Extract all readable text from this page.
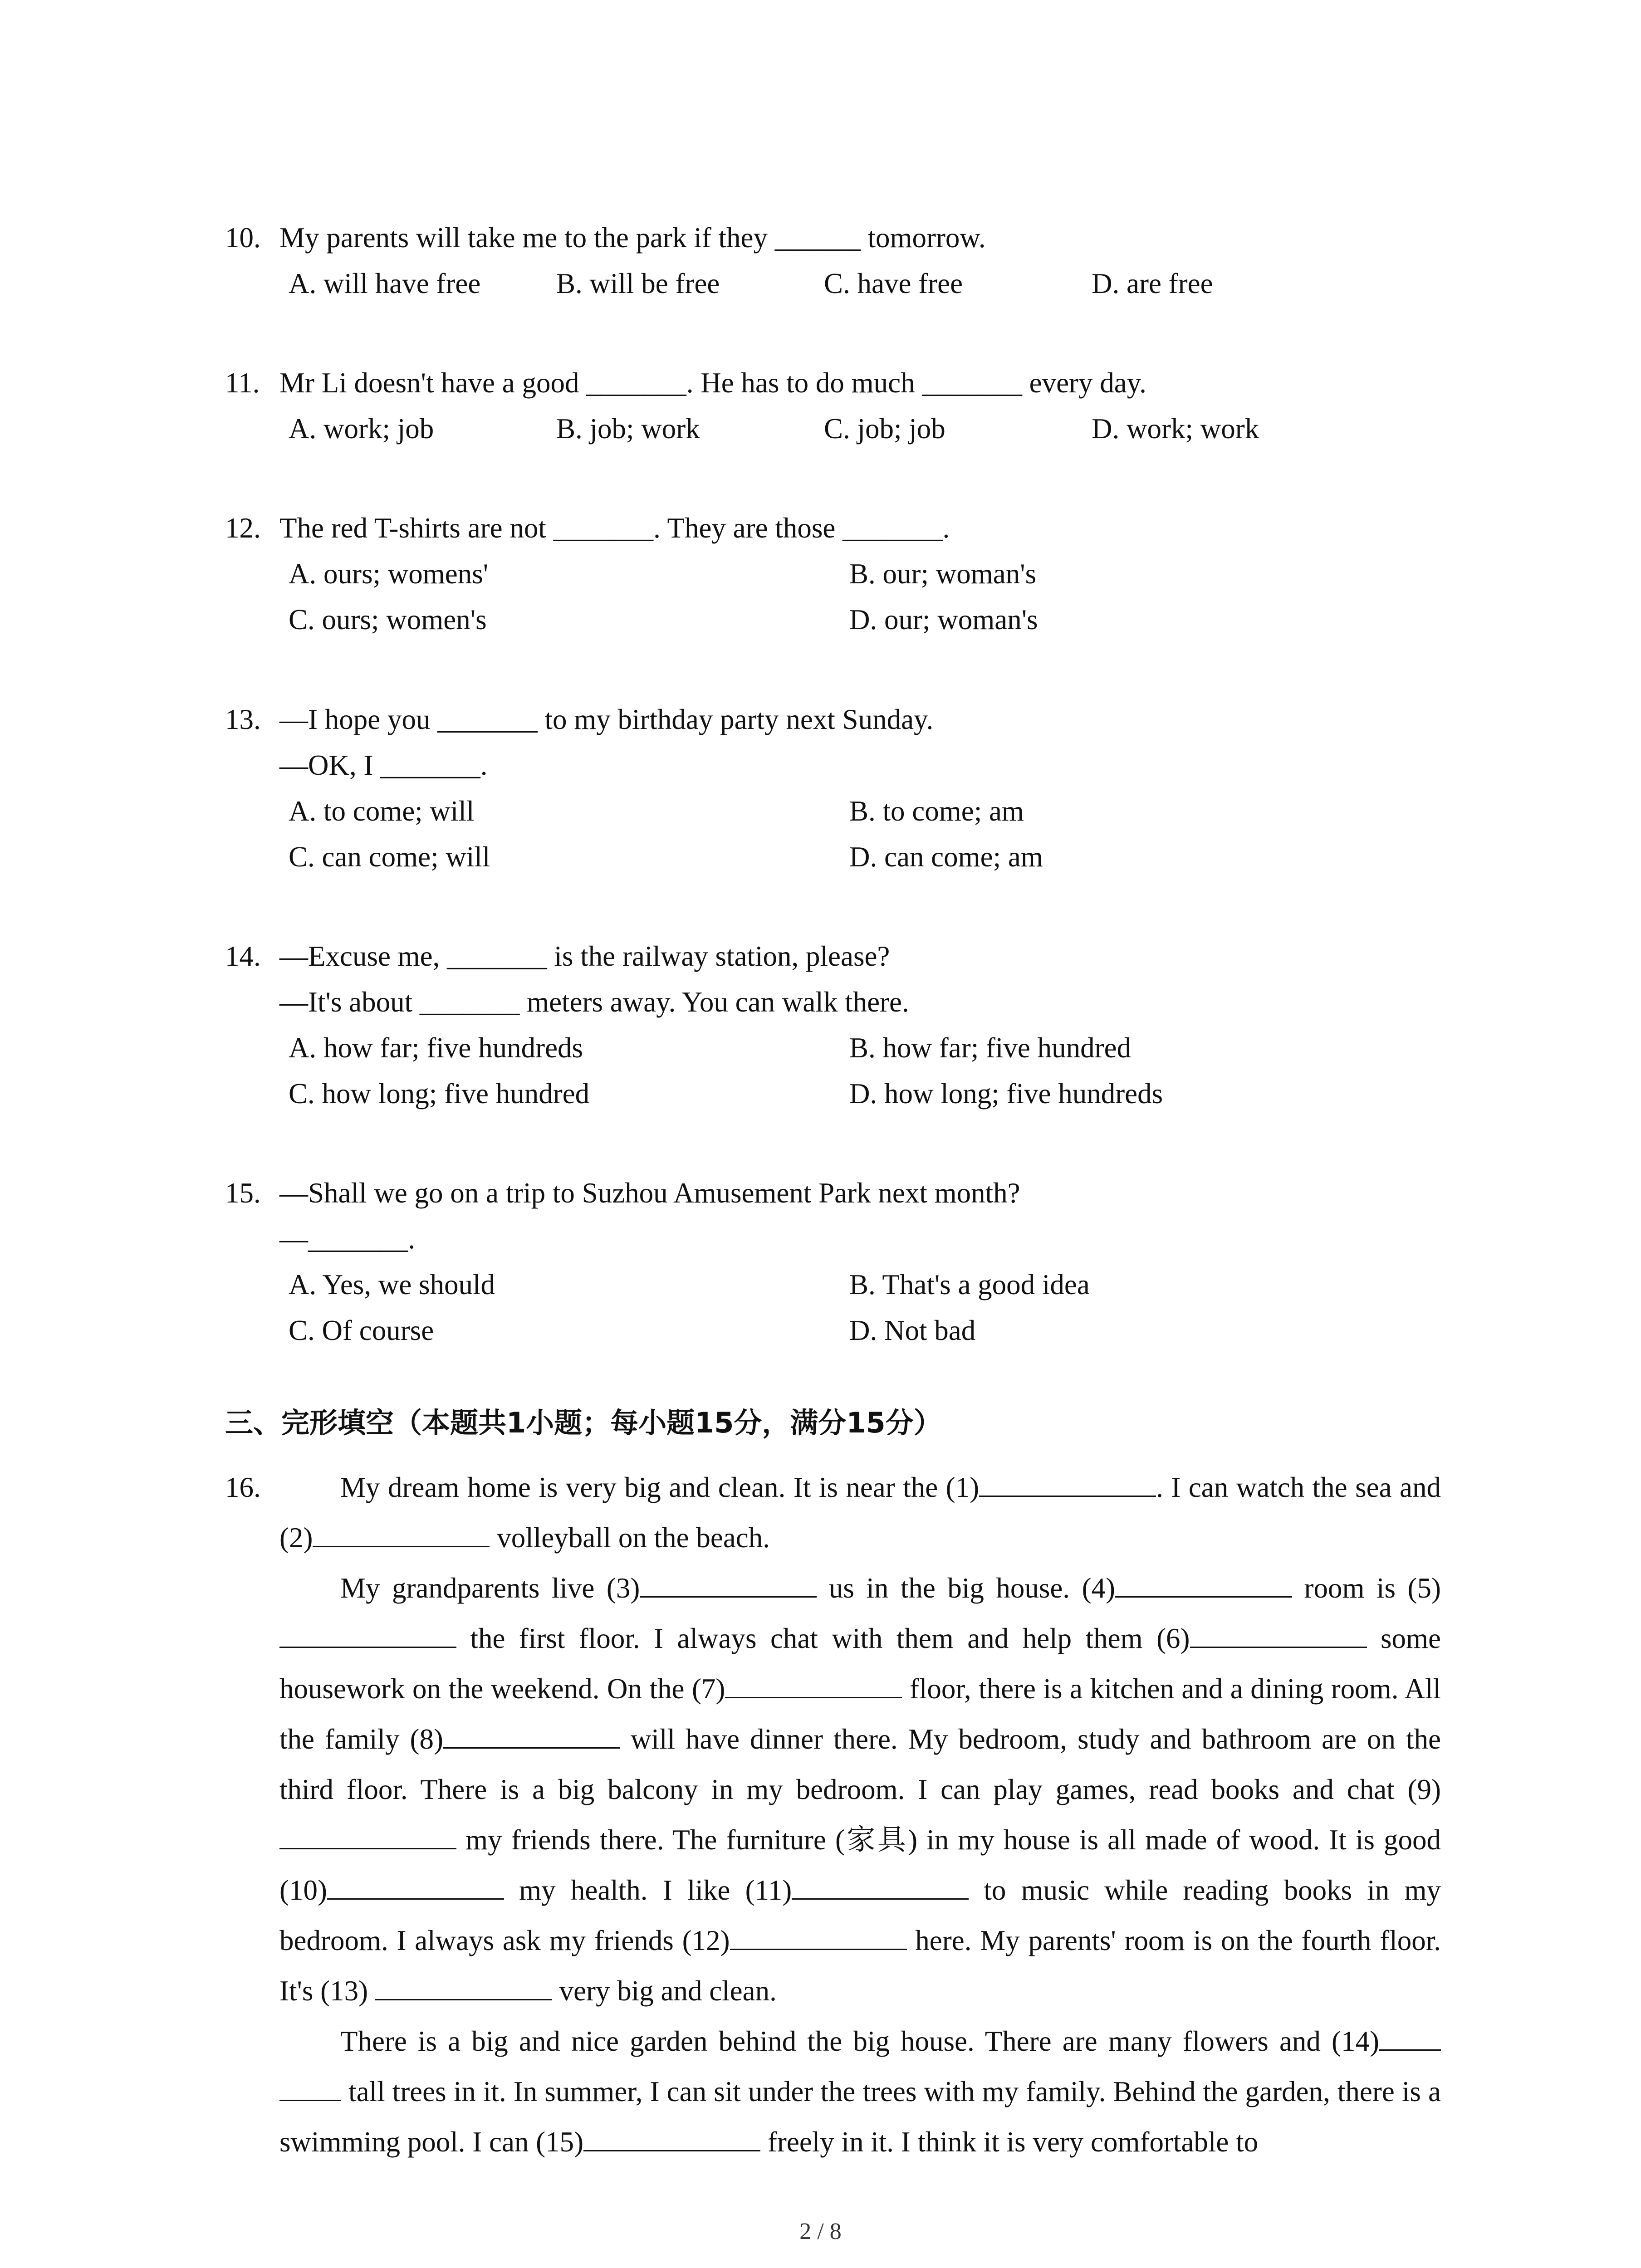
10. My parents will take me to the park if they ______ tomorrow.
A. will have free	B. will be free	C. have free	D. are free
11. Mr Li doesn't have a good _______. He has to do much _______ every day.
A. work; job	B. job; work	C. job; job	D. work; work
12. The red T-shirts are not _______. They are those _______.
A. ours; womens'	B. our; woman's
C. ours; women's	D. our; woman's
13. —I hope you _______ to my birthday party next Sunday.
—OK, I _______.
A. to come; will	B. to come; am
C. can come; will	D. can come; am
14. —Excuse me, _______ is the railway station, please?
—It's about _______ meters away. You can walk there.
A. how far; five hundreds	B. how far; five hundred
C. how long; five hundred	D. how long; five hundreds
15. —Shall we go on a trip to Suzhou Amusement Park next month?
—_______.
A. Yes, we should	B. That's a good idea
C. Of course	D. Not bad
三、完形填空（本题共1小题；每小题15分，满分15分）
16.	My dream home is very big and clean. It is near the (1)	. I can watch the sea and (2)	volleyball on the beach.

My grandparents live (3)	us in the big house. (4)	room is (5) the first floor. I always chat with them and help them (6)	some housework on the weekend. On the (7)	floor, there is a kitchen and a dining room. All the family (8)	will have dinner there. My bedroom, study and bathroom are on the third floor. There is a big balcony in my bedroom. I can play games, read books and chat (9) my friends there. The furniture (家具) in my house is all made of wood. It is good (10)	my health. I like (11)	to music while reading books in my bedroom. I always ask my friends (12)	here. My parents' room is on the fourth floor. It's (13)	very big and clean.

There is a big and nice garden behind the big house. There are many flowers and (14)  tall trees in it. In summer, I can sit under the trees with my family. Behind the garden, there is a swimming pool. I can (15)	freely in it. I think it is very comfortable to

2 / 8
